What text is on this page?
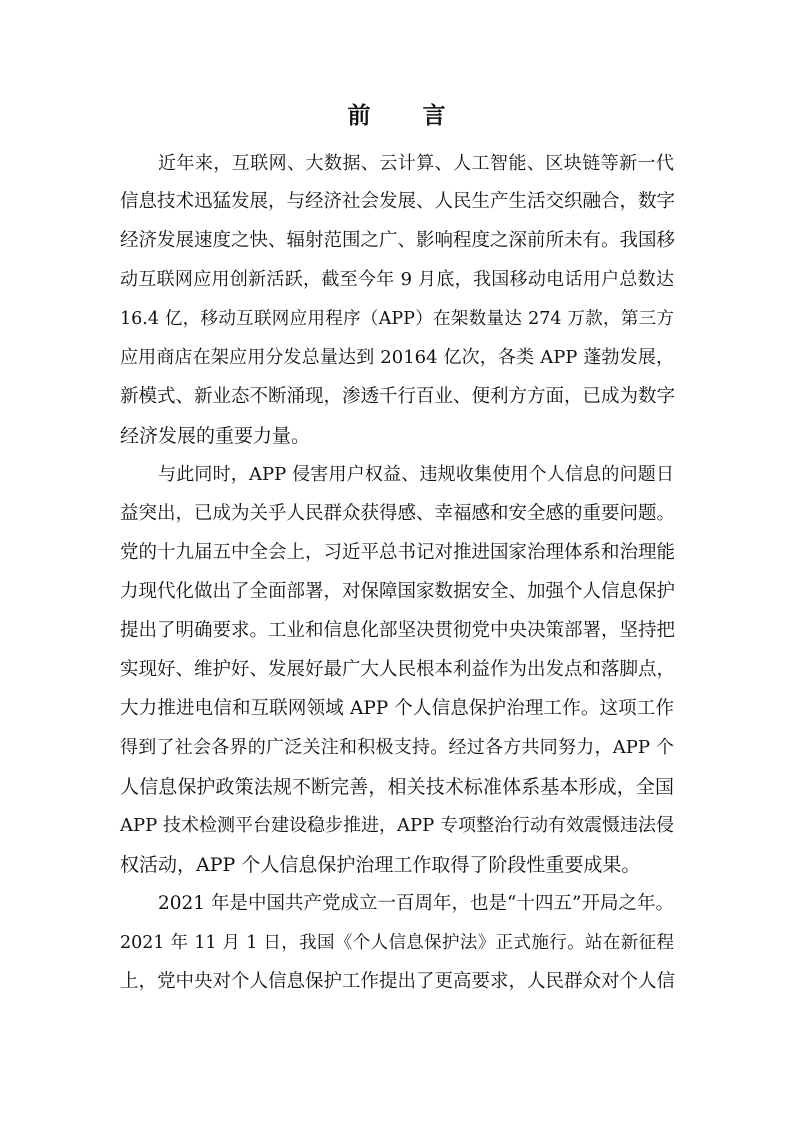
前 言
近年来，互联网、大数据、云计算、人工智能、区块链等新一代
信息技术迅猛发展，与经济社会发展、人民生产生活交织融合，数字
经济发展速度之快、辐射范围之广、影响程度之深前所未有。我国移
动互联网应用创新活跃，截至今年 9 月底，我国移动电话用户总数达
16.4 亿，移动互联网应用程序（APP）在架数量达 274 万款，第三方
应用商店在架应用分发总量达到 20164 亿次，各类 APP 蓬勃发展，
新模式、新业态不断涌现，渗透千行百业、便利方方面，已成为数字
经济发展的重要力量。
与此同时，APP 侵害用户权益、违规收集使用个人信息的问题日
益突出，已成为关乎人民群众获得感、幸福感和安全感的重要问题。
党的十九届五中全会上，习近平总书记对推进国家治理体系和治理能
力现代化做出了全面部署，对保障国家数据安全、加强个人信息保护
提出了明确要求。工业和信息化部坚决贯彻党中央决策部署，坚持把
实现好、维护好、发展好最广大人民根本利益作为出发点和落脚点，
大力推进电信和互联网领域 APP 个人信息保护治理工作。这项工作
得到了社会各界的广泛关注和积极支持。经过各方共同努力，APP 个
人信息保护政策法规不断完善，相关技术标准体系基本形成，全国
APP 技术检测平台建设稳步推进，APP 专项整治行动有效震慑违法侵
权活动，APP 个人信息保护治理工作取得了阶段性重要成果。
2021 年是中国共产党成立一百周年，也是“十四五”开局之年。
2021 年 11 月 1 日，我国《个人信息保护法》正式施行。站在新征程
上，党中央对个人信息保护工作提出了更高要求，人民群众对个人信
